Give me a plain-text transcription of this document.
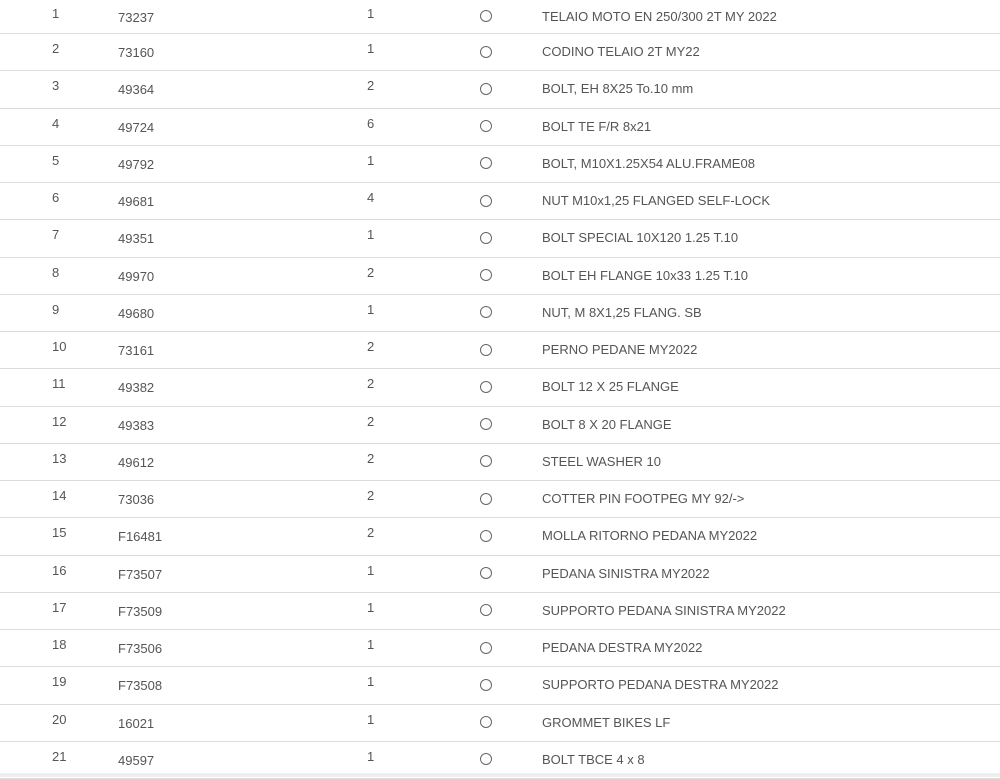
1	73237	1		TELAIO MOTO EN 250/300 2T MY 2022
2	73160	1		CODINO TELAIO 2T MY22
3	49364	2		BOLT, EH 8X25 To.10 mm
4	49724	6		BOLT TE F/R 8x21
5	49792	1		BOLT, M10X1.25X54 ALU.FRAME08
6	49681	4		NUT M10x1,25 FLANGED SELF-LOCK
7	49351	1		BOLT SPECIAL 10X120 1.25 T.10
8	49970	2		BOLT EH FLANGE 10x33 1.25 T.10
9	49680	1		NUT, M 8X1,25 FLANG. SB
10	73161	2		PERNO PEDANE MY2022
11	49382	2		BOLT 12 X 25 FLANGE
12	49383	2		BOLT 8 X 20 FLANGE
13	49612	2		STEEL WASHER 10
14	73036	2		COTTER PIN FOOTPEG MY 92/->
15	F16481	2		MOLLA RITORNO PEDANA MY2022
16	F73507	1		PEDANA SINISTRA MY2022
17	F73509	1		SUPPORTO PEDANA SINISTRA MY2022
18	F73506	1		PEDANA DESTRA MY2022
19	F73508	1		SUPPORTO PEDANA DESTRA MY2022
20	16021	1		GROMMET BIKES LF
21	49597	1		BOLT TBCE 4 x 8
